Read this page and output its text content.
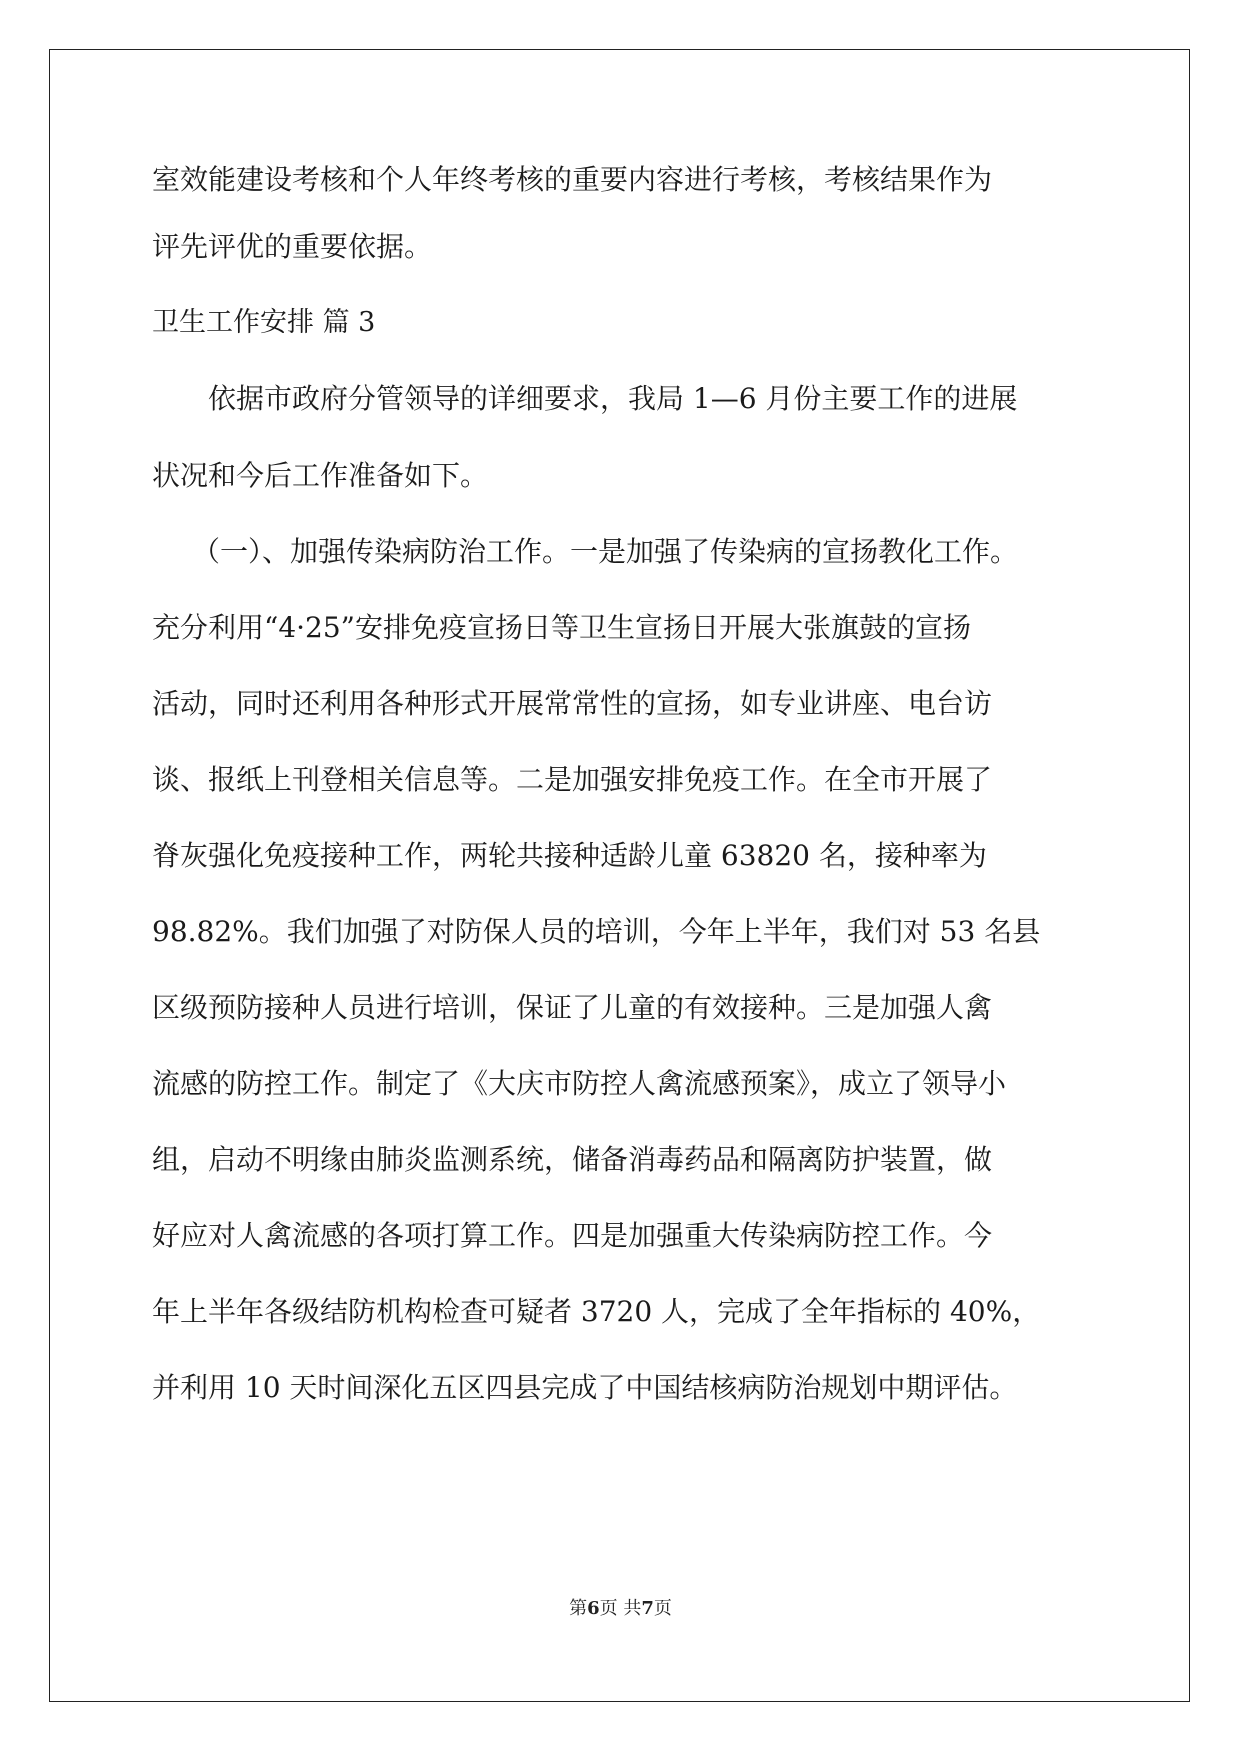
室效能建设考核和个人年终考核的重要内容进行考核，考核结果作为
评先评优的重要依据。
卫生工作安排 篇 3
依据市政府分管领导的详细要求，我局 1—6 月份主要工作的进展
状况和今后工作准备如下。
（一）、加强传染病防治工作。一是加强了传染病的宣扬教化工作。
充分利用“4·25”安排免疫宣扬日等卫生宣扬日开展大张旗鼓的宣扬
活动，同时还利用各种形式开展常常性的宣扬，如专业讲座、电台访
谈、报纸上刊登相关信息等。二是加强安排免疫工作。在全市开展了
脊灰强化免疫接种工作，两轮共接种适龄儿童 63820 名，接种率为
98.82%。我们加强了对防保人员的培训，今年上半年，我们对 53 名县
区级预防接种人员进行培训，保证了儿童的有效接种。三是加强人禽
流感的防控工作。制定了《大庆市防控人禽流感预案》，成立了领导小
组，启动不明缘由肺炎监测系统，储备消毒药品和隔离防护装置，做
好应对人禽流感的各项打算工作。四是加强重大传染病防控工作。今
年上半年各级结防机构检查可疑者 3720 人，完成了全年指标的 40%，
并利用 10 天时间深化五区四县完成了中国结核病防治规划中期评估。
第6页 共7页
